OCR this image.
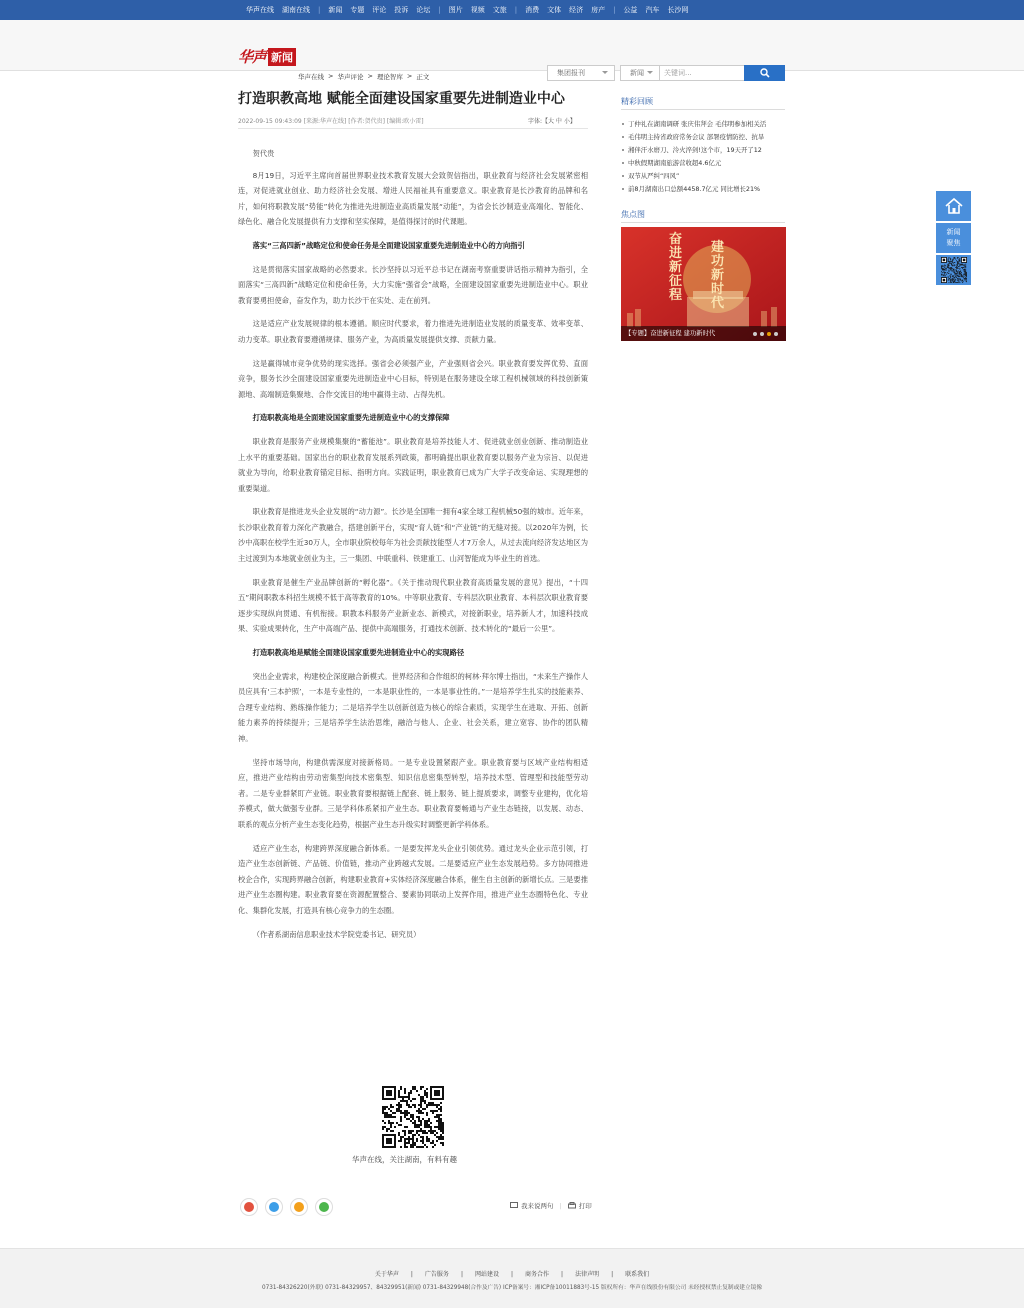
华声在线 湖南在线 | 新闻 专题 评论 投诉 论坛 | 图片 视频 文旅 | 消费 文体 经济 房产 | 公益 汽车 长沙网
华声 新闻
华声在线 > 华声评论 > 理论智库 > 正文	集团报刊	新闻	关键词...
打造职教高地 赋能全面建设国家重要先进制造业中心
2022-09-15 09:43:09 [来源:华声在线] [作者:贺代贵] [编辑:欧小雷]	字体:【大 中 小】

贺代贵

8月19日，习近平主席向首届世界职业技术教育发展大会致贺信指出，职业教育与经济社会发展紧密相连，对促进就业创业、助力经济社会发展、增进人民福祉具有重要意义。职业教育是长沙教育的品牌和名片，如何将职教发展“势能”转化为推进先进制造业高质量发展“动能”，为省会长沙制造业高端化、智能化、绿色化、融合化发展提供有力支撑和坚实保障，是值得探讨的时代课题。

落实“三高四新”战略定位和使命任务是全面建设国家重要先进制造业中心的方向指引

这是贯彻落实国家战略的必然要求。长沙坚持以习近平总书记在湖南考察重要讲话指示精神为指引，全面落实“三高四新”战略定位和使命任务，大力实施“强省会”战略，全面建设国家重要先进制造业中心。职业教育要勇担使命，奋发作为，助力长沙干在实处、走在前列。

这是适应产业发展规律的根本遵循。顺应时代要求，着力推进先进制造业发展的质量变革、效率变革、动力变革。职业教育要遵循规律、服务产业，为高质量发展提供支撑、贡献力量。

这是赢得城市竞争优势的现实选择。强省会必须强产业，产业强则省会兴。职业教育要发挥优势、直面竞争，服务长沙全面建设国家重要先进制造业中心目标，特别是在服务建设全球工程机械领域的科技创新策源地、高端制造集聚地、合作交流目的地中赢得主动、占得先机。

打造职教高地是全面建设国家重要先进制造业中心的支撑保障

职业教育是服务产业规模集聚的“蓄能池”。职业教育是培养技能人才、促进就业创业创新、推动制造业上水平的重要基础。国家出台的职业教育发展系列政策，都明确提出职业教育要以服务产业为宗旨、以促进就业为导向，给职业教育锚定目标、指明方向。实践证明，职业教育已成为广大学子改变命运、实现理想的重要渠道。

职业教育是推进龙头企业发展的“动力源”。长沙是全国唯一拥有4家全球工程机械50强的城市。近年来，长沙职业教育着力深化产教融合，搭建创新平台，实现“育人链”和“产业链”的无缝对接。以2020年为例，长沙中高职在校学生近30万人，全市职业院校每年为社会贡献技能型人才7万余人，从过去流向经济发达地区为主过渡到为本地就业创业为主，三一集团、中联重科、铁建重工、山河智能成为毕业生的首选。

职业教育是催生产业品牌创新的“孵化器”。《关于推动现代职业教育高质量发展的意见》提出，“十四五”期间职教本科招生规模不低于高等教育的10%。中等职业教育、专科层次职业教育、本科层次职业教育要逐步实现纵向贯通、有机衔接。职教本科服务产业新业态、新模式，对接新职业，培养新人才，加速科技成果、实验成果转化，生产中高端产品、提供中高端服务，打通技术创新、技术转化的“最后一公里”。

打造职教高地是赋能全面建设国家重要先进制造业中心的实现路径

突出企业需求，构建校企深度融合新模式。世界经济和合作组织的柯林·拜尔博士指出，“未来生产操作人员应具有‘三本护照’，一本是专业性的，一本是职业性的，一本是事业性的。”一是培养学生扎实的技能素养、合理专业结构、熟练操作能力；二是培养学生以创新创造为核心的综合素质，实现学生在进取、开拓、创新能力素养的持续提升；三是培养学生法治思维，融洽与他人、企业、社会关系，建立宽容、协作的团队精神。

坚持市场导向，构建供需深度对接新格局。一是专业设置紧跟产业。职业教育要与区域产业结构相适应，推进产业结构由劳动密集型向技术密集型、知识信息密集型转型，培养技术型、管理型和技能型劳动者。二是专业群紧盯产业链。职业教育要根据链上配套、链上服务、链上提质要求，调整专业建构，优化培养模式，做大做强专业群。三是学科体系紧扣产业生态。职业教育要畅通与产业生态链接，以发展、动态、联系的观点分析产业生态变化趋势，根据产业生态升级实时调整更新学科体系。

适应产业生态，构建跨界深度融合新体系。一是要发挥龙头企业引领优势。通过龙头企业示范引领，打造产业生态创新链、产品链、价值链，推动产业跨越式发展。二是要适应产业生态发展趋势。多方协同推进校企合作，实现跨界融合创新，构建职业教育+实体经济深度融合体系，催生自主创新的新增长点。三是要推进产业生态圈构建。职业教育要在资源配置整合、要素协同联动上发挥作用，推进产业生态圈特色化、专业化、集群化发展，打造具有核心竞争力的生态圈。

（作者系湖南信息职业技术学院党委书记、研究员）

华声在线，关注湖南，有料有趣
我来说两句 |	打印
精彩回顾
丁仲礼在湖南调研 张庆伟拜会 毛伟明参加相关活
毛伟明主持省政府常务会议 部署疫情防控、抗旱
湘伴汗水磨刀、泠火淬剑!这个市，19天开了12
中秋假期湖南旅游营收超4.6亿元
双节从严纠“四风”
前8月湖南出口总额4458.7亿元 同比增长21%
焦点图
奋进新征程
建功新时代
【专题】奋进新征程 建功新时代
新闻
聚焦
关于华声 | 广告服务 | 网站建设 | 商务合作 | 法律声明 | 联系我们
0731-84326220(外联) 0731-84329957、84329951(新闻) 0731-84329948(合作及广告) ICP备案号：湘ICP备10011883号-15 版权所有：华声在线股份有限公司 未经授权禁止复制或建立镜像
